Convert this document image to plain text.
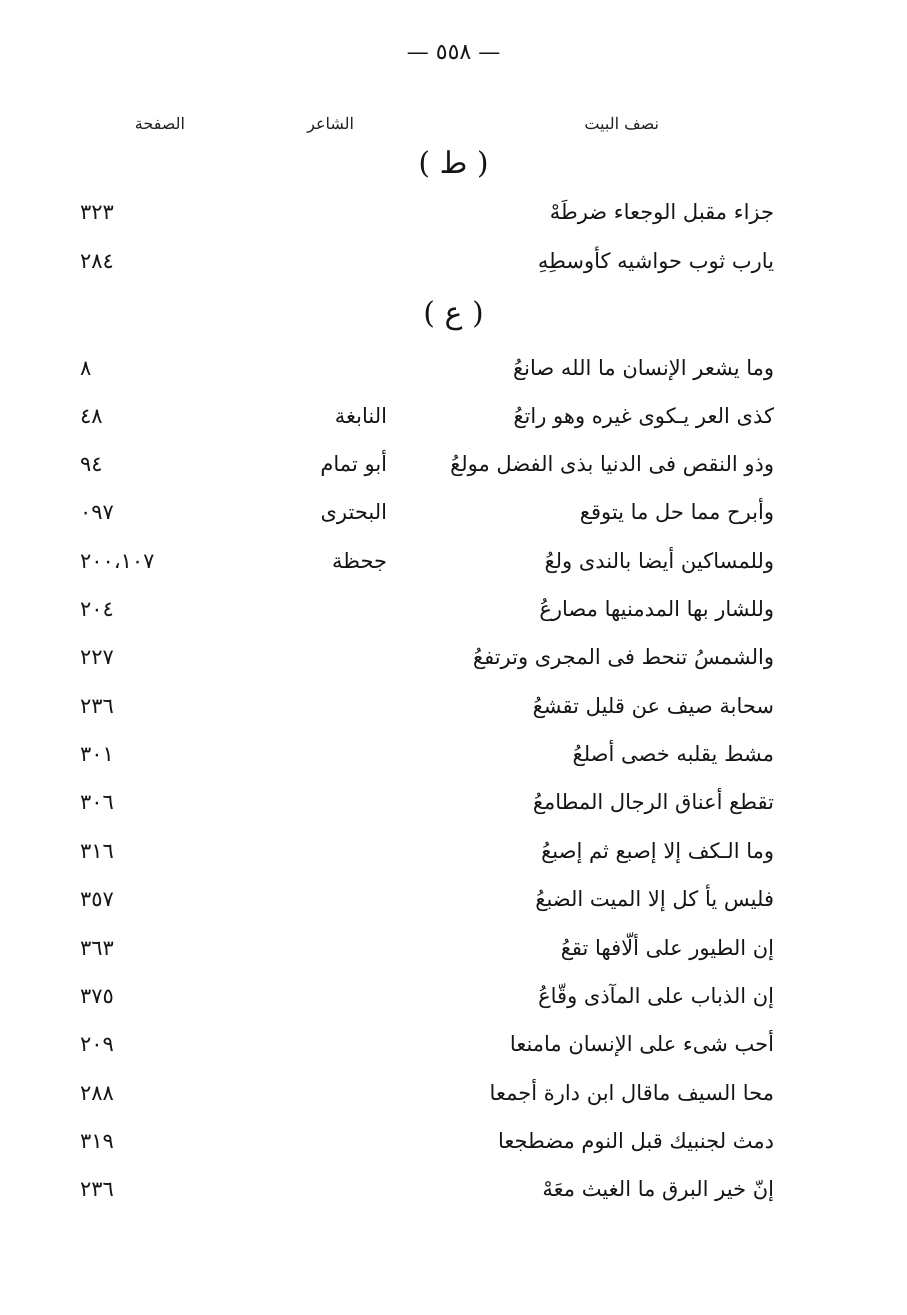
— ٥٥٨ —
نصف البيت
الشاعر
الصفحة
( ط )
جزاء مقبل الوجعاء ضرطَهْ
٣٢٣
يارب ثوب حواشيه كأوسطِهِ
٢٨٤
( ع )
وما يشعر الإنسان ما الله صانعُ
٨
كذى العر يـكوى غيره وهو راتعُ
النابغة
٤٨
وذو النقص فى الدنيا بذى الفضل مولعُ
أبو تمام
٩٤
وأبرح مما حل ما يتوقع
البحترى
٠٩٧
وللمساكين أيضا بالندى ولعُ
جحظة
٢٠٠،١٠٧
وللشار بها المدمنيها مصارعُ
٢٠٤
والشمسُ تنحط فى المجرى وترتفعُ
٢٢٧
سحابة صيف عن قليل تقشعُ
٢٣٦
مشط يقلبه خصى أصلعُ
٣٠١
تقطع أعناق الرجال المطامعُ
٣٠٦
وما الـكف إلا إصبع ثم إصبعُ
٣١٦
فليس يأ كل إلا الميت الضبعُ
٣٥٧
إن الطيور على ألّافها تقعُ
٣٦٣
إن الذباب على المآذى وقّاعُ
٣٧٥
أحب شىء على الإنسان مامنعا
٢٠٩
محا السيف ماقال ابن دارة أجمعا
٢٨٨
دمث لجنبيك قبل النوم مضطجعا
٣١٩
إنّ خير البرق ما الغيث معَهْ
٢٣٦
